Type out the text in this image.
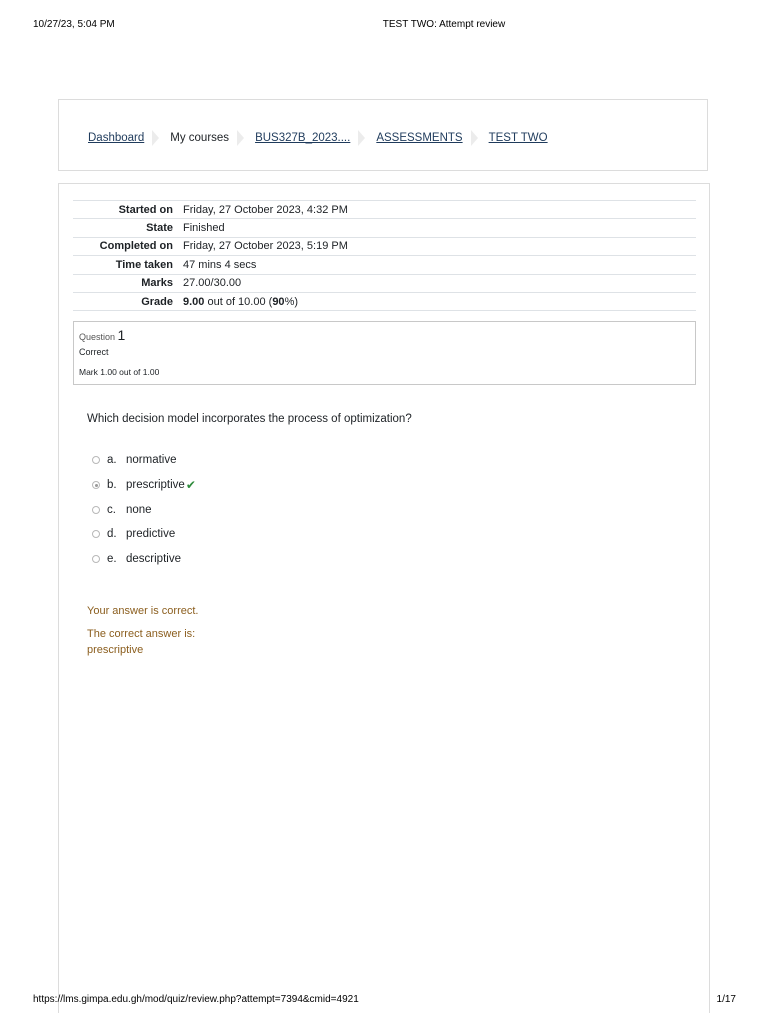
10/27/23, 5:04 PM	TEST TWO: Attempt review
Dashboard My courses BUS327B_2023.... ASSESSMENTS TEST TWO
Started on	Friday, 27 October 2023, 4:32 PM
State	Finished
Completed on	Friday, 27 October 2023, 5:19 PM
Time taken	47 mins 4 secs
Marks	27.00/30.00
Grade	9.00 out of 10.00 (90%)
Question 1
Correct
Mark 1.00 out of 1.00
Which decision model incorporates the process of optimization?
a. normative
b. prescriptive ✔
c. none
d. predictive
e. descriptive
Your answer is correct.
The correct answer is:
prescriptive
https://lms.gimpa.edu.gh/mod/quiz/review.php?attempt=7394&cmid=4921	1/17
